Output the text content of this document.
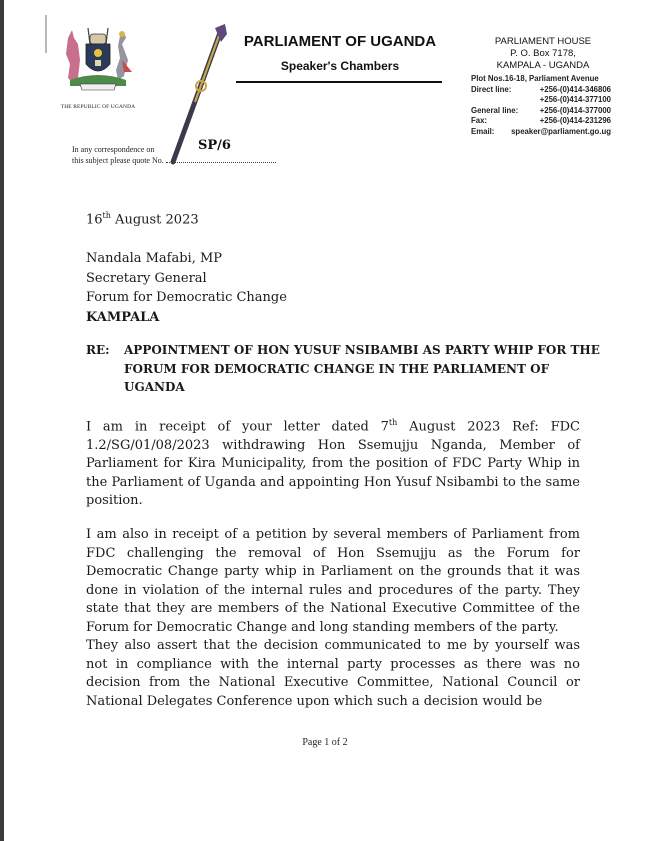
THE REPUBLIC OF UGANDA
PARLIAMENT OF UGANDA
Speaker's Chambers
PARLIAMENT HOUSE
P. O. Box 7178,
KAMPALA - UGANDA
Plot Nos.16-18, Parliament Avenue
Direct line:	+256-(0)414-346806
+256-(0)414-377100
General line:	+256-(0)414-377000
Fax:	+256-(0)414-231296
Email:	speaker@parliament.go.ug
In any correspondence on
this subject please quote No.
SP/6
16th August 2023
Nandala Mafabi, MP
Secretary General
Forum for Democratic Change
KAMPALA
RE: APPOINTMENT OF HON YUSUF NSIBAMBI AS PARTY WHIP FOR THE FORUM FOR DEMOCRATIC CHANGE IN THE PARLIAMENT OF UGANDA
I am in receipt of your letter dated 7th August 2023 Ref: FDC 1.2/SG/01/08/2023 withdrawing Hon Ssemujju Nganda, Member of Parliament for Kira Municipality, from the position of FDC Party Whip in the Parliament of Uganda and appointing Hon Yusuf Nsibambi to the same position.
I am also in receipt of a petition by several members of Parliament from FDC challenging the removal of Hon Ssemujju as the Forum for Democratic Change party whip in Parliament on the grounds that it was done in violation of the internal rules and procedures of the party. They state that they are members of the National Executive Committee of the Forum for Democratic Change and long standing members of the party.
They also assert that the decision communicated to me by yourself was not in compliance with the internal party processes as there was no decision from the National Executive Committee, National Council or National Delegates Conference upon which such a decision would be
Page 1 of 2
